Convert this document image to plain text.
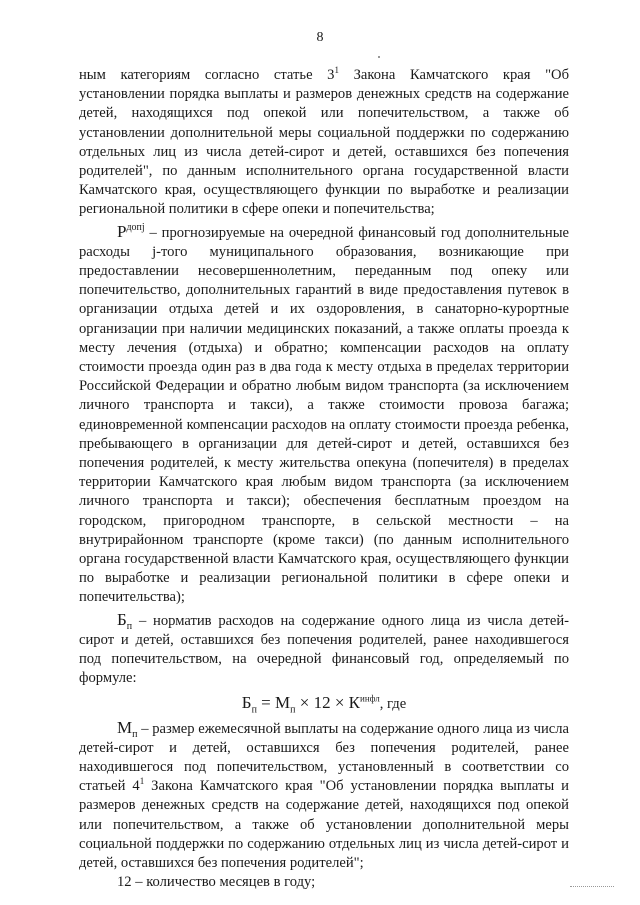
8

ным категориям согласно статье $3^1$ Закона Камчатского края "Об установлении порядка выплаты и размеров денежных средств на содержание детей, находящихся под опекой или попечительством, а также об установлении дополнительной меры социальной поддержки по содержанию отдельных лиц из числа детей-сирот и детей, оставшихся без попечения родителей", по данным исполнительного органа государственной власти Камчатского края, осуществляющего функции по выработке и реализации региональной политики в сфере опеки и попечительства;

$P^{допj}$ – прогнозируемые на очередной финансовый год дополнительные расходы j-того муниципального образования, возникающие при предоставлении несовершеннолетним, переданным под опеку или попечительство, дополнительных гарантий в виде предоставления путевок в организации отдыха детей и их оздоровления, в санаторно-курортные организации при наличии медицинских показаний, а также оплаты проезда к месту лечения (отдыха) и обратно; компенсации расходов на оплату стоимости проезда один раз в два года к месту отдыха в пределах территории Российской Федерации и обратно любым видом транспорта (за исключением личного транспорта и такси), а также стоимости провоза багажа; единовременной компенсации расходов на оплату стоимости проезда ребенка, пребывающего в организации для детей-сирот и детей, оставшихся без попечения родителей, к месту жительства опекуна (попечителя) в пределах территории Камчатского края любым видом транспорта (за исключением личного транспорта и такси); обеспечения бесплатным проездом на городском, пригородном транспорте, в сельской местности – на внутрирайонном транспорте (кроме такси) (по данным исполнительного органа государственной власти Камчатского края, осуществляющего функции по выработке и реализации региональной политики в сфере опеки и попечительства);

$Б_п$ – норматив расходов на содержание одного лица из числа детей-сирот и детей, оставшихся без попечения родителей, ранее находившегося под попечительством, на очередной финансовый год, определяемый по формуле:

$Б_п = М_п \times 12 \times К^{инфл}$, где

$М_п$ – размер ежемесячной выплаты на содержание одного лица из числа детей-сирот и детей, оставшихся без попечения родителей, ранее находившегося под попечительством, установленный в соответствии со статьей $4^1$ Закона Камчатского края "Об установлении порядка выплаты и размеров денежных средств на содержание детей, находящихся под опекой или попечительством, а также об установлении дополнительной меры социальной поддержки по содержанию отдельных лиц из числа детей-сирот и детей, оставшихся без попечения родителей";

12 – количество месяцев в году;
